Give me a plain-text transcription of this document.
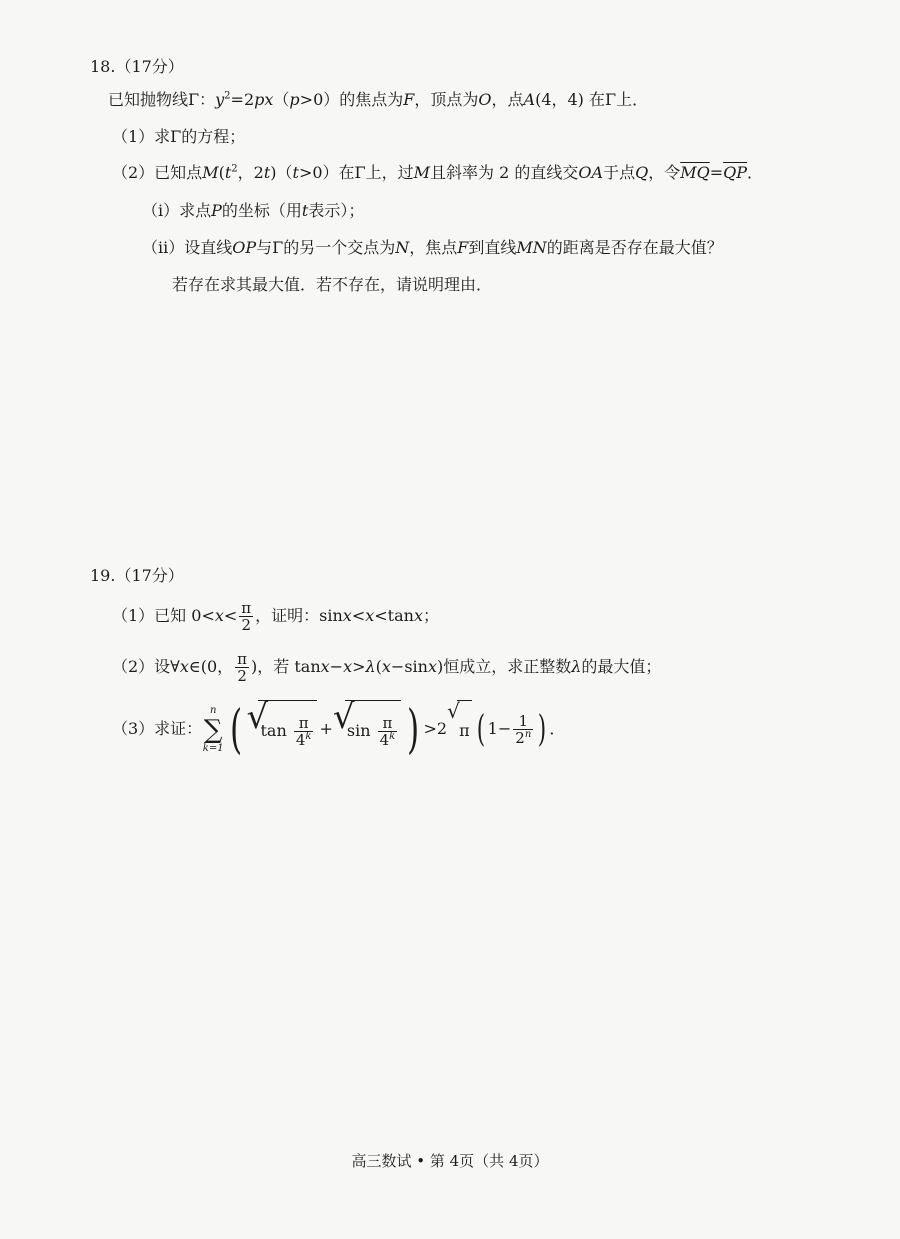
18.（17分）
已知抛物线Γ：$y^2=2px(p>0)$的焦点为F，顶点为O，点A(4，4) 在Γ上．
（1）求Γ的方程；
（2）已知点$M(t^2$，2t)（t>0）在Γ上，过M且斜率为 2 的直线交OA于点Q，令$\overline{MQ}=\overline{QP}$．
（i）求点P的坐标（用t表示）；
（ii）设直线OP与Γ的另一个交点为N，焦点F到直线MN的距离是否存在最大值？
若存在求其最大值．若不存在，请说明理由．
19.（17分）
（1）已知 $0<x< \frac{\pi}{2}$ ，证明：sinx<x<tanx；
（2）设∀x∈(0， $\frac{\pi}{2}$ )，若 tanx−x>λ(x−sinx)恒成立，求正整数λ的最大值；
（3）求证：
n
∑
k=1 ( √
$\tan \frac{\pi}{4^k}$ + √
$\sin \frac{\pi}{4^k}$ ) >2
√
π ( $1- \frac{1}{2^n}$ ) ．
高三数试 • 第 4页（共 4页）
